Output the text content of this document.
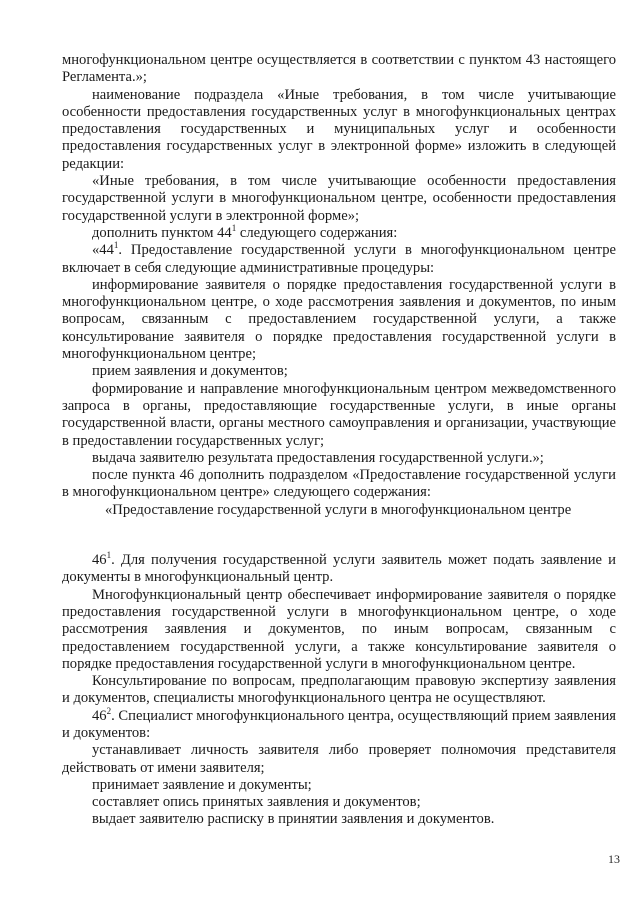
многофункциональном центре осуществляется в соответствии с пунктом 43 настоящего Регламента.»;

наименование подраздела «Иные требования, в том числе учитывающие особенности предоставления государственных услуг в многофункциональных центрах предоставления государственных и муниципальных услуг и особенности предоставления государственных услуг в электронной форме» изложить в следующей редакции:

«Иные требования, в том числе учитывающие особенности предоставления государственной услуги в многофункциональном центре, особенности предоставления государственной услуги в электронной форме»;

дополнить пунктом $44^1$ следующего содержания:

«$44^1$. Предоставление государственной услуги в многофункциональном центре включает в себя следующие административные процедуры:

информирование заявителя о порядке предоставления государственной услуги в многофункциональном центре, о ходе рассмотрения заявления и документов, по иным вопросам, связанным с предоставлением государственной услуги, а также консультирование заявителя о порядке предоставления государственной услуги в многофункциональном центре;

прием заявления и документов;

формирование и направление многофункциональным центром межведомственного запроса в органы, предоставляющие государственные услуги, в иные органы государственной власти, органы местного самоуправления и организации, участвующие в предоставлении государственных услуг;

выдача заявителю результата предоставления государственной услуги.»;

после пункта 46 дополнить подразделом «Предоставление государственной услуги в многофункциональном центре» следующего содержания:

«Предоставление государственной услуги в многофункциональном центре

$46^1$. Для получения государственной услуги заявитель может подать заявление и документы в многофункциональный центр.

Многофункциональный центр обеспечивает информирование заявителя о порядке предоставления государственной услуги в многофункциональном центре, о ходе рассмотрения заявления и документов, по иным вопросам, связанным с предоставлением государственной услуги, а также консультирование заявителя о порядке предоставления государственной услуги в многофункциональном центре.

Консультирование по вопросам, предполагающим правовую экспертизу заявления и документов, специалисты многофункционального центра не осуществляют.

$46^2$. Специалист многофункционального центра, осуществляющий прием заявления и документов:

устанавливает личность заявителя либо проверяет полномочия представителя действовать от имени заявителя;

принимает заявление и документы;

составляет опись принятых заявления и документов;

выдает заявителю расписку в принятии заявления и документов.

13
